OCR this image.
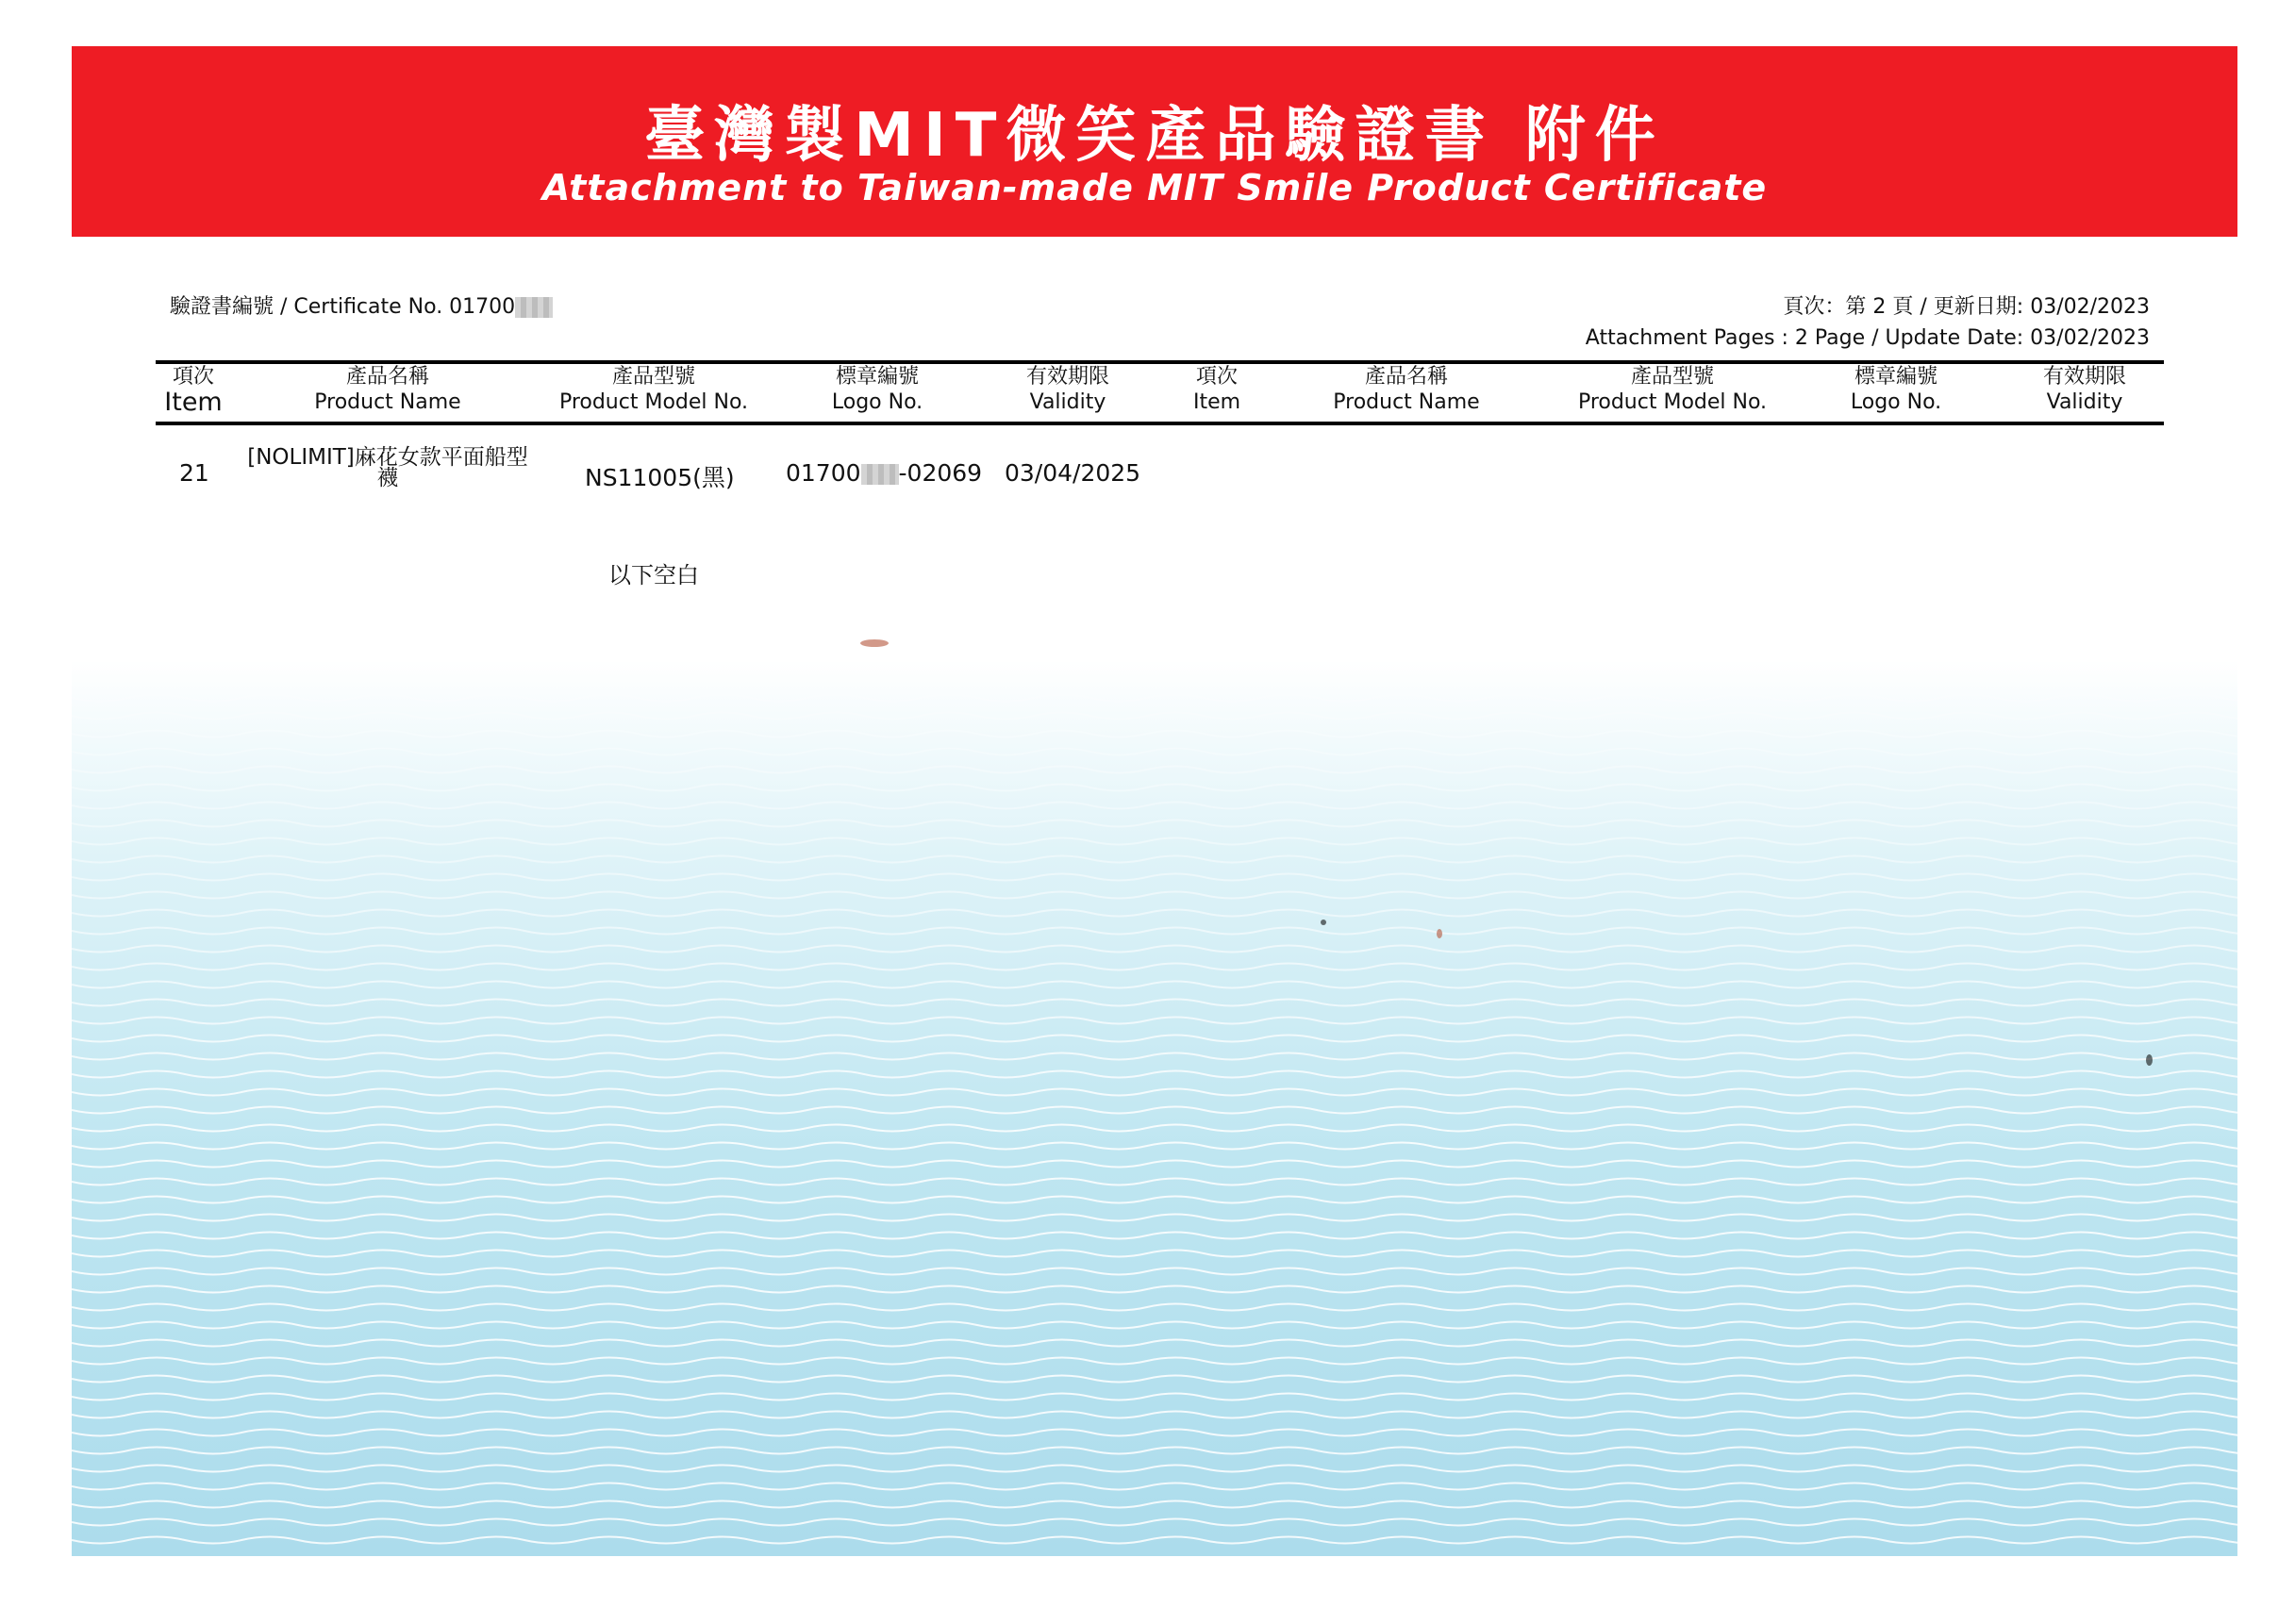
臺灣製MIT微笑產品驗證書 附件
Attachment to Taiwan-made MIT Smile Product Certificate
驗證書編號 / Certificate No. 01700	頁次：第 2 頁 / 更新日期: 03/02/2023
Attachment Pages : 2 Page / Update Date: 03/02/2023
項次
Item
產品名稱
Product Name
產品型號
Product Model No.
標章編號
Logo No.
有效期限
Validity
項次
Item
產品名稱
Product Name
產品型號
Product Model No.
標章編號
Logo No.
有效期限
Validity
21
[NOLIMIT]麻花女款平面船型
襪	NS11005(黑) 01700 -02069 03/04/2025
以下空白
